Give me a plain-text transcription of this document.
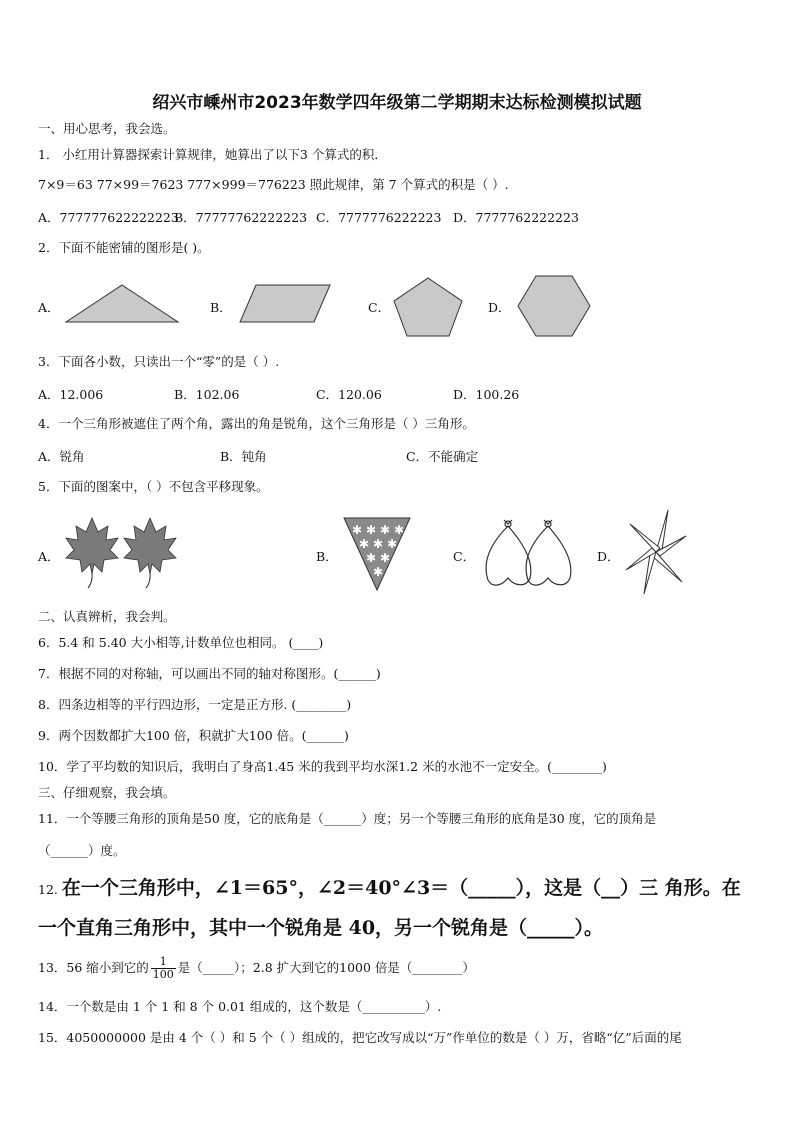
绍兴市嵊州市2023年数学四年级第二学期期末达标检测模拟试题
一、用心思考，我会选。
1． 小红用计算器探索计算规律，她算出了以下3 个算式的积．
7×9＝63 77×99＝7623 777×999＝776223 照此规律，第 7 个算式的积是（ ）.
A．777777622222223
B．77777762222223 C．7777776222223 D．7777762222223
2．下面不能密铺的图形是( )。
A．	B．	C．	D．
3．下面各小数，只读出一个“零”的是（ ）.
A．12.006	B．102.06	C．120.06	D．100.26
4．一个三角形被遮住了两个角，露出的角是锐角，这个三角形是（ ）三角形。
A．锐角	B．钝角	C．不能确定
5．下面的图案中，（ ）不包含平移现象。
A．	B．
✱ ✱ ✱ ✱
✱ ✱ ✱
✱ ✱
✱
C．	D．
二、认真辨析，我会判。
6．5.4 和 5.40 大小相等,计数单位也相同。 (____)
7．根据不同的对称轴，可以画出不同的轴对称图形。(______)
8．四条边相等的平行四边形，一定是正方形. (________)
9．两个因数都扩大100 倍，积就扩大100 倍。(______)
10．学了平均数的知识后，我明白了身高1.45 米的我到平均水深1.2 米的水池不一定安全。(________)
三、仔细观察，我会填。
11．一个等腰三角形的顶角是50 度，它的底角是（______）度；另一个等腰三角形的底角是30 度，它的顶角是
（______）度。
12. 在一个三角形中，∠1＝65°，∠2＝40°∠3＝（_____），这是（__）三 角形。在
一个直角三角形中，其中一个锐角是 40，另一个锐角是（_____）。
13．56 缩小到它的 $\frac{1}{100}$ 是（_____）；2.8 扩大到它的1000 倍是（________）
14．一个数是由 1 个 1 和 8 个 0.01 组成的，这个数是（__________）.
15．4050000000 是由 4 个（ ）和 5 个（ ）组成的，把它改写成以“万”作单位的数是（ ）万，省略“亿”后面的尾
